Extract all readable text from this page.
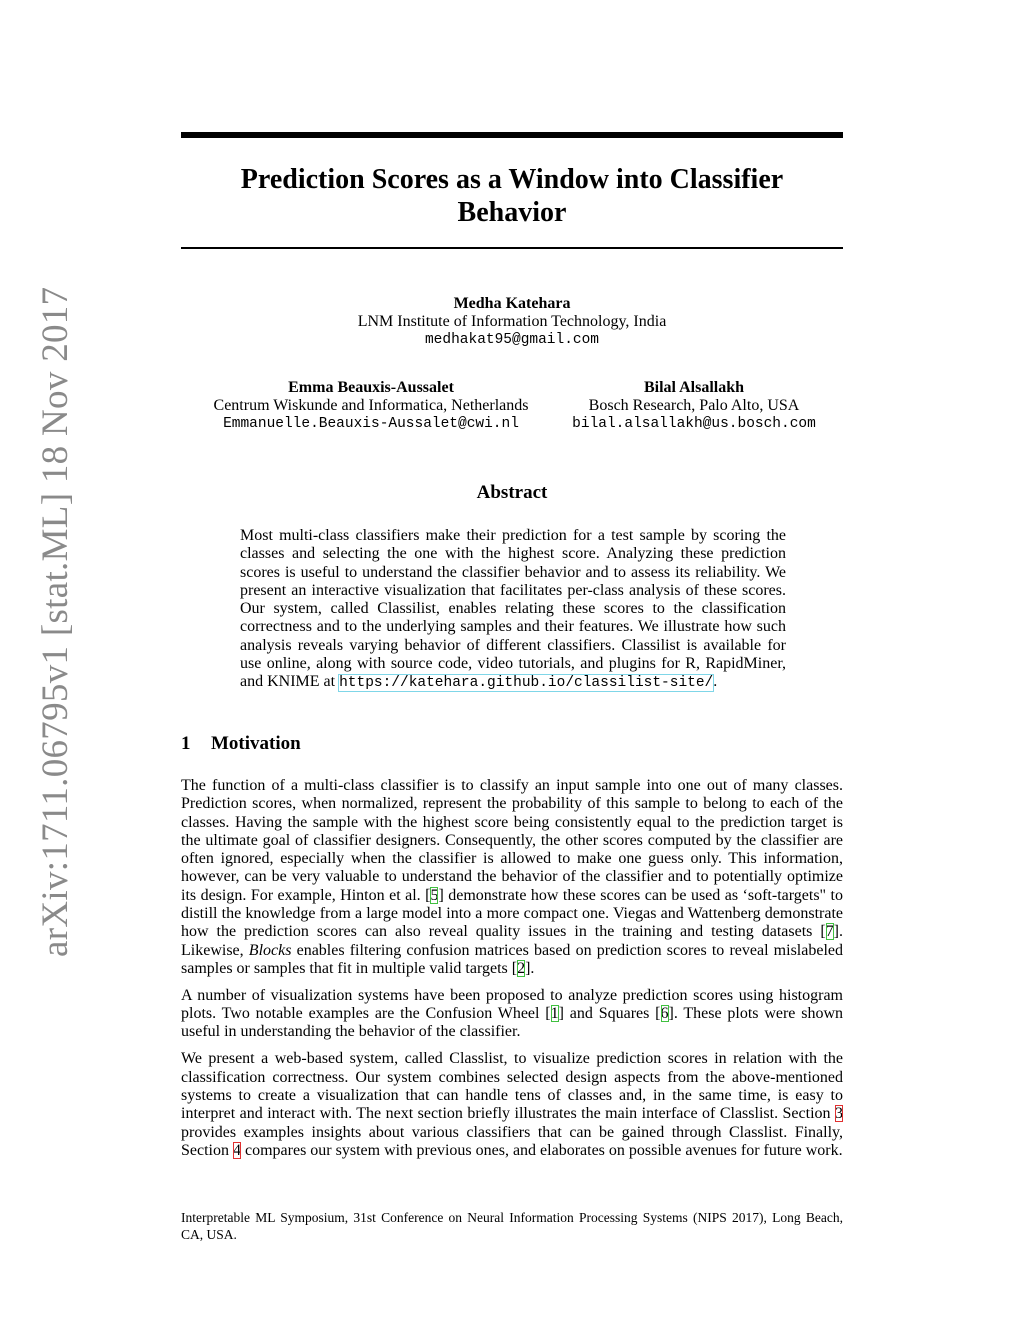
arXiv:1711.06795v1 [stat.ML] 18 Nov 2017
Prediction Scores as a Window into Classifier
Behavior
Medha Katehara
LNM Institute of Information Technology, India
medhakat95@gmail.com
Emma Beauxis-Aussalet
Centrum Wiskunde and Informatica, Netherlands
Emmanuelle.Beauxis-Aussalet@cwi.nl
Bilal Alsallakh
Bosch Research, Palo Alto, USA
bilal.alsallakh@us.bosch.com
Abstract
Most multi-class classifiers make their prediction for a test sample by scoring the classes and selecting the one with the highest score. Analyzing these prediction scores is useful to understand the classifier behavior and to assess its reliability. We present an interactive visualization that facilitates per-class analysis of these scores. Our system, called Classilist, enables relating these scores to the classification correctness and to the underlying samples and their features. We illustrate how such analysis reveals varying behavior of different classifiers. Classilist is available for use online, along with source code, video tutorials, and plugins for R, RapidMiner, and KNIME at https://katehara.github.io/classilist-site/.
1 Motivation

The function of a multi-class classifier is to classify an input sample into one out of many classes. Prediction scores, when normalized, represent the probability of this sample to belong to each of the classes. Having the sample with the highest score being consistently equal to the prediction target is the ultimate goal of classifier designers. Consequently, the other scores computed by the classifier are often ignored, especially when the classifier is allowed to make one guess only. This information, however, can be very valuable to understand the behavior of the classifier and to potentially optimize its design. For example, Hinton et al. [5] demonstrate how these scores can be used as ‘soft-targets" to distill the knowledge from a large model into a more compact one. Viegas and Wattenberg demonstrate how the prediction scores can also reveal quality issues in the training and testing datasets [7]. Likewise, Blocks enables filtering confusion matrices based on prediction scores to reveal mislabeled samples or samples that fit in multiple valid targets [2].

A number of visualization systems have been proposed to analyze prediction scores using histogram plots. Two notable examples are the Confusion Wheel [1] and Squares [6]. These plots were shown useful in understanding the behavior of the classifier.

We present a web-based system, called Classlist, to visualize prediction scores in relation with the classification correctness. Our system combines selected design aspects from the above-mentioned systems to create a visualization that can handle tens of classes and, in the same time, is easy to interpret and interact with. The next section briefly illustrates the main interface of Classlist. Section 3 provides examples insights about various classifiers that can be gained through Classlist. Finally, Section 4 compares our system with previous ones, and elaborates on possible avenues for future work.

Interpretable ML Symposium, 31st Conference on Neural Information Processing Systems (NIPS 2017), Long Beach, CA, USA.
